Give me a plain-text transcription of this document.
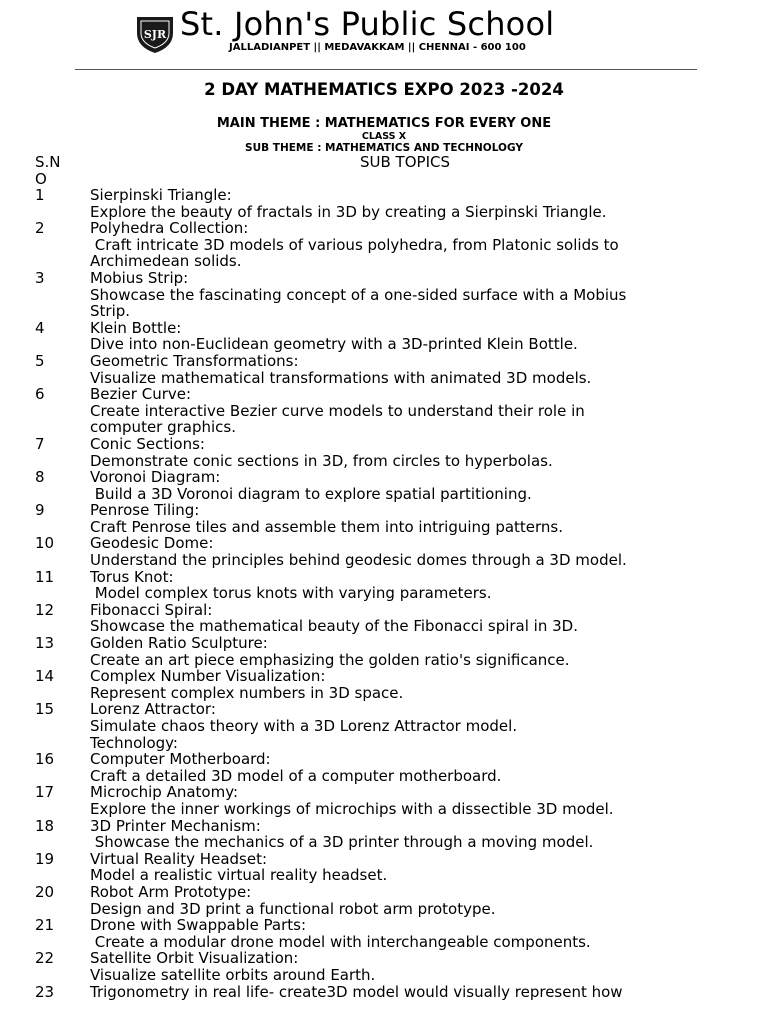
SJR St. John's Public School
JALLADIANPET || MEDAVAKKAM || CHENNAI - 600 100
2 DAY MATHEMATICS EXPO 2023 -2024
MAIN THEME : MATHEMATICS FOR EVERY ONE
CLASS X
SUB THEME : MATHEMATICS AND TECHNOLOGY
S.NO
SUB TOPICS
1	Sierpinski Triangle:
Explore the beauty of fractals in 3D by creating a Sierpinski Triangle.
2	Polyhedra Collection:
Craft intricate 3D models of various polyhedra, from Platonic solids to
Archimedean solids.
3	Mobius Strip:
Showcase the fascinating concept of a one-sided surface with a Mobius
Strip.
4	Klein Bottle:
Dive into non-Euclidean geometry with a 3D-printed Klein Bottle.
5	Geometric Transformations:
Visualize mathematical transformations with animated 3D models.
6	Bezier Curve:
Create interactive Bezier curve models to understand their role in
computer graphics.
7	Conic Sections:
Demonstrate conic sections in 3D, from circles to hyperbolas.
8	Voronoi Diagram:
Build a 3D Voronoi diagram to explore spatial partitioning.
9	Penrose Tiling:
Craft Penrose tiles and assemble them into intriguing patterns.
10 Geodesic Dome:
Understand the principles behind geodesic domes through a 3D model.
11 Torus Knot:
Model complex torus knots with varying parameters.
12 Fibonacci Spiral:
Showcase the mathematical beauty of the Fibonacci spiral in 3D.
13 Golden Ratio Sculpture:
Create an art piece emphasizing the golden ratio's significance.
14 Complex Number Visualization:
Represent complex numbers in 3D space.
15 Lorenz Attractor:
Simulate chaos theory with a 3D Lorenz Attractor model.
Technology:
16 Computer Motherboard:
Craft a detailed 3D model of a computer motherboard.
17 Microchip Anatomy:
Explore the inner workings of microchips with a dissectible 3D model.
18 3D Printer Mechanism:
Showcase the mechanics of a 3D printer through a moving model.
19 Virtual Reality Headset:
Model a realistic virtual reality headset.
20 Robot Arm Prototype:
Design and 3D print a functional robot arm prototype.
21 Drone with Swappable Parts:
Create a modular drone model with interchangeable components.
22 Satellite Orbit Visualization:
Visualize satellite orbits around Earth.
23 Trigonometry in real life- create3D model would visually represent how
